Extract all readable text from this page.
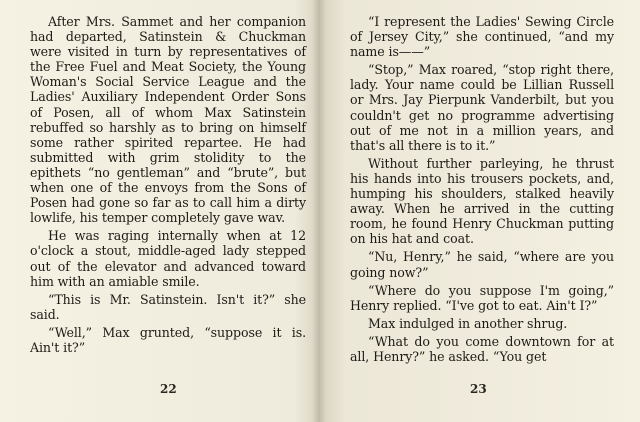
After Mrs. Sammet and her companion had departed, Satinstein & Chuckman were visited in turn by representatives of the Free Fuel and Meat Society, the Young Woman's Social Service League and the Ladies' Auxiliary Independent Order Sons of Posen, all of whom Max Satinstein rebuffed so harshly as to bring on himself some rather spirited repartee. He had submitted with grim stolidity to the epithets “no gentleman” and “brute”, but when one of the envoys from the Sons of Posen had gone so far as to call him a dirty lowlife, his temper completely gave wav.

He was raging internally when at 12 o'clock a stout, middle-aged lady stepped out of the elevator and advanced toward him with an amiable smile.

“This is Mr. Satinstein. Isn't it?” she said.

“Well,” Max grunted, “suppose it is. Ain't it?”

22

“I represent the Ladies' Sewing Circle of Jersey City,” she continued, “and my name is——”

“Stop,” Max roared, “stop right there, lady. Your name could be Lillian Russell or Mrs. Jay Pierpunk Vanderbilt, but you couldn't get no programme advertising out of me not in a million years, and that's all there is to it.”

Without further parleying, he thrust his hands into his trousers pockets, and, humping his shoulders, stalked heavily away. When he arrived in the cutting room, he found Henry Chuckman putting on his hat and coat.

“Nu, Henry,” he said, “where are you going now?”

“Where do you suppose I'm going,” Henry replied. “I've got to eat. Ain't I?”

Max indulged in another shrug.

“What do you come downtown for at all, Henry?” he asked. “You get

23
